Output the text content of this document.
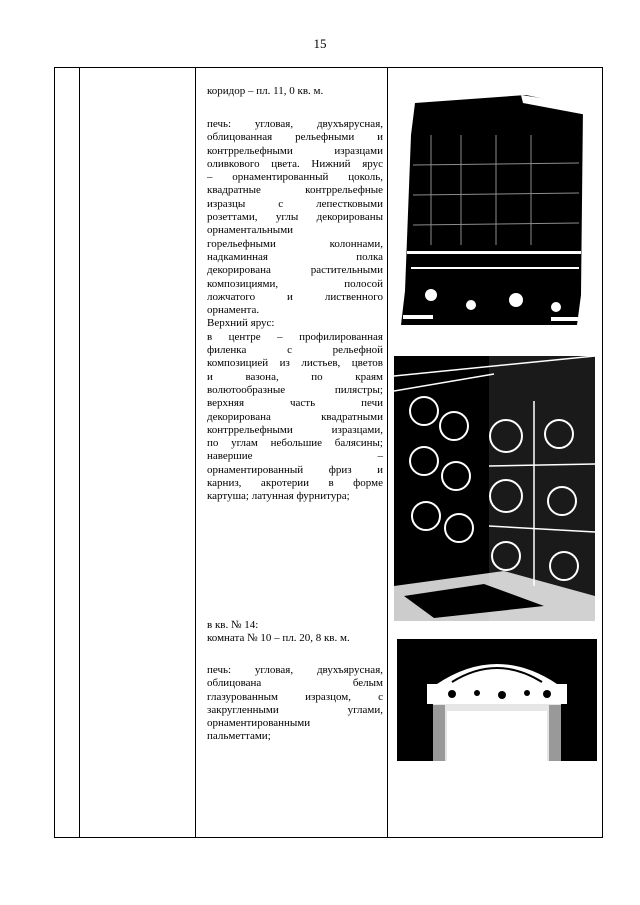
15

коридор – пл. 11, 0 кв. м.

печь: угловая, двухъярусная,

облицованная рельефными и

контррельефными изразцами

оливкового цвета. Нижний ярус

– орнаментированный цоколь,

квадратные контррельефные

изразцы с лепестковыми

розеттами, углы декорированы

орнаментальными

горельефными колоннами,

надкаминная полка

декорирована растительными

композициями, полосой

ложчатого и лиственного

орнамента.

Верхний ярус:

в центре – профилированная

филенка с рельефной

композицией из листьев, цветов

и вазона, по краям

волютообразные пилястры;

верхняя часть печи

декорирована квадратными

контррельефными изразцами,

по углам небольшие балясины;

навершие –

орнаментированный фриз и

карниз, акротерии в форме

картуша; латунная фурнитура;

в кв. № 14:

комната № 10 – пл. 20, 8 кв. м.

печь: угловая, двухъярусная,

облицована белым

глазурованным изразцом, с

закругленными углами,

орнаментированными

пальметтами;
